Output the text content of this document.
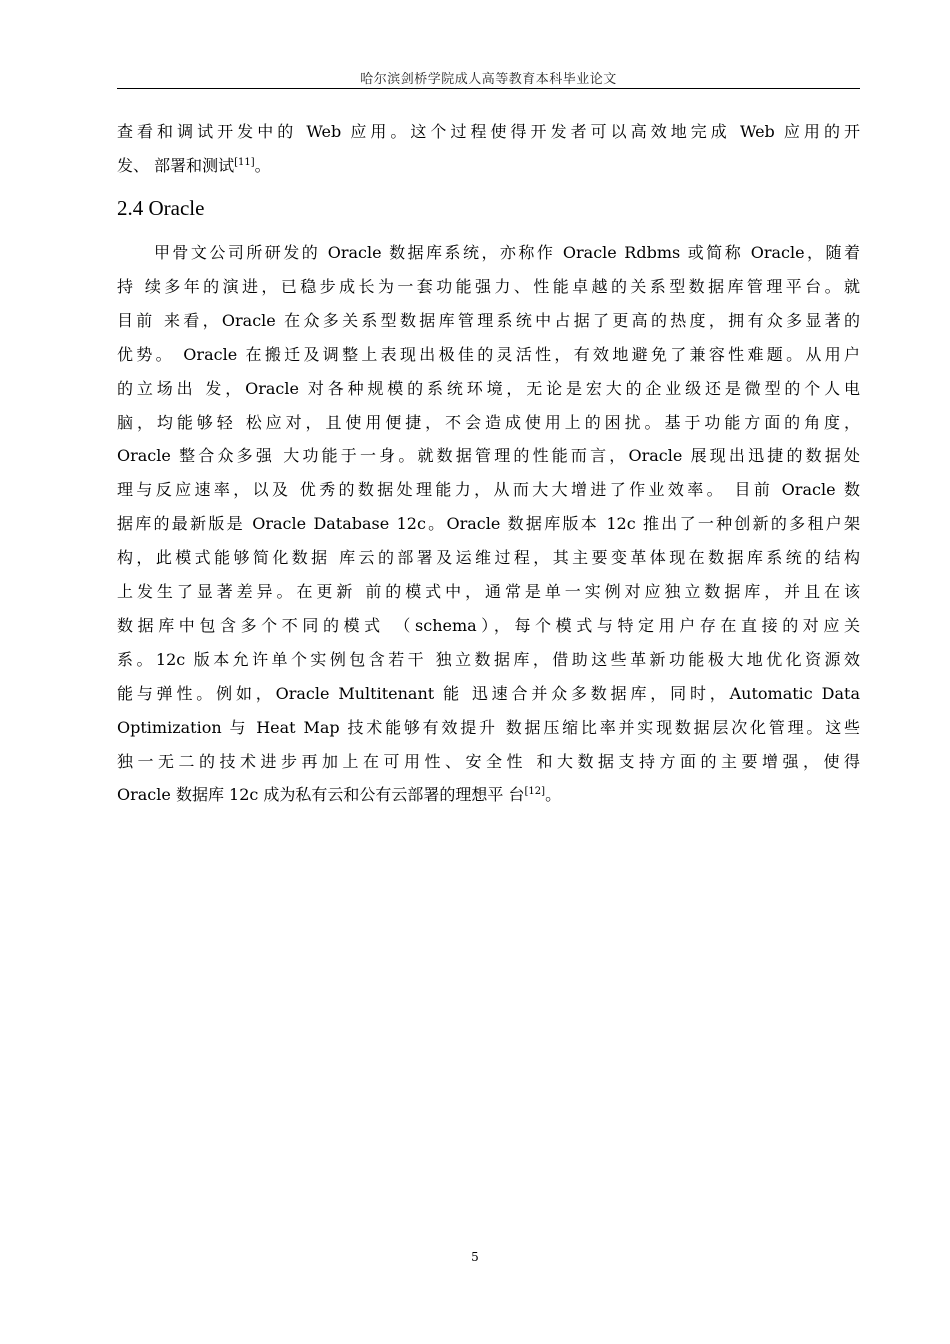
哈尔滨剑桥学院成人高等教育本科毕业论文
查看和调试开发中的 Web 应用。这个过程使得开发者可以高效地完成 Web 应用的开
发、 部署和测试[11]。
2.4 Oracle
　　甲骨文公司所研发的 Oracle 数据库系统，亦称作 Oracle Rdbms 或简称 Oracle，随着
持 续多年的演进，已稳步成长为一套功能强力、性能卓越的关系型数据库管理平台。就
目前 来看，Oracle 在众多关系型数据库管理系统中占据了更高的热度，拥有众多显著的
优势。 Oracle 在搬迁及调整上表现出极佳的灵活性，有效地避免了兼容性难题。从用户
的立场出 发，Oracle 对各种规模的系统环境，无论是宏大的企业级还是微型的个人电
脑，均能够轻 松应对，且使用便捷，不会造成使用上的困扰。基于功能方面的角度，
Oracle 整合众多强 大功能于一身。就数据管理的性能而言，Oracle 展现出迅捷的数据处
理与反应速率，以及 优秀的数据处理能力，从而大大增进了作业效率。 目前 Oracle 数
据库的最新版是 Oracle Database 12c。Oracle 数据库版本 12c 推出了一种创新的多租户架
构，此模式能够简化数据 库云的部署及运维过程，其主要变革体现在数据库系统的结构
上发生了显著差异。在更新 前的模式中，通常是单一实例对应独立数据库，并且在该
数据库中包含多个不同的模式 （schema），每个模式与特定用户存在直接的对应关
系。12c 版本允许单个实例包含若干 独立数据库，借助这些革新功能极大地优化资源效
能与弹性。例如，Oracle Multitenant 能 迅速合并众多数据库，同时，Automatic Data
Optimization 与 Heat Map 技术能够有效提升 数据压缩比率并实现数据层次化管理。这些
独一无二的技术进步再加上在可用性、安全性 和大数据支持方面的主要增强，使得
Oracle 数据库 12c 成为私有云和公有云部署的理想平 台[12]。
5
